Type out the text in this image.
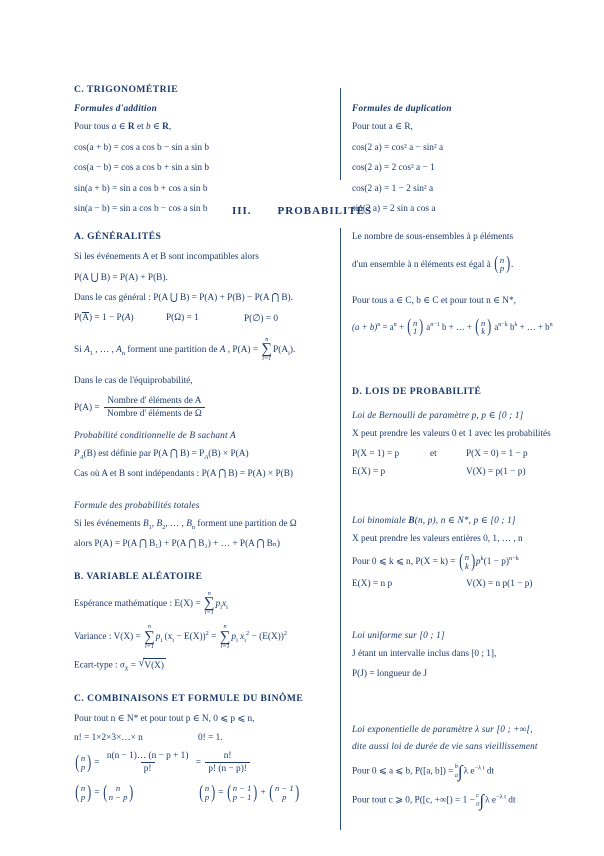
C. TRIGONOMÉTRIE
Formules d'addition
Pour tous a ∈ R et b ∈ R,
cos(a + b) = cos a cos b − sin a sin b
cos(a − b) = cos a cos b + sin a sin b
sin(a + b) = sin a cos b + cos a sin b
sin(a − b) = sin a cos b − cos a sin b
Formules de duplication
Pour tout a ∈ R,
cos(2 a) = cos² a − sin² a
cos(2 a) = 2 cos² a − 1
cos(2 a) = 1 − 2 sin² a
sin(2 a) = 2 sin a cos a
III. PROBABILITÉS
A. GÉNÉRALITÉS
Si les événements A et B sont incompatibles alors
P(A ⋃ B) = P(A) + P(B).
Dans le cas général : P(A ⋃ B) = P(A) + P(B) − P(A ⋂ B).
P(Ā) = 1 − P(A)	P(Ω) = 1	P(∅) = 0
Si $A_1$ , … , $A_n$ forment une partition de A , P(A) =
n
∑
i=1
$P(A_i)$.
Dans le cas de l'équiprobabilité,
$P(A) = \frac{\text{Nombre d' éléments de A}}{\text{Nombre d' éléments de Ω}}$
Probabilité conditionnelle de B sachant A
$P_A(B)$ est définie par P(A ⋂ $B) = P_A(B) \times P(A)$
Cas où A et B sont indépendants : P(A ⋂ B) = P(A) × P(B)
Formule des probabilités totales
Si les événements $B_1$, $B_2$, … , $B_n$ forment une partition de Ω
alors P(A) = P(A ⋂ B₁) + P(A ⋂ B₂) + … + P(A ⋂ Bₙ)
B. VARIABLE ALÉATOIRE
Espérance mathématique : E(X) =
n
∑
i=1
$p_ix_i$
Variance : V(X) =
n
∑
i=1
$p_i$ $(x_i - E(X))^2$ =
n
∑
i=1
$p_i$ $x_i^2 - (E(X))^2$
Ecart-type : $\sigma_X$ = √ V(X)
C. COMBINAISONS ET FORMULE DU BINÔME
Pour tout n ∈ N* et pour tout p ∈ N, 0 ⩽ p ⩽ n,
n! = 1×2×3×…× n	0! = 1.
( n
p ) = $\frac{n(n - 1)\dots (n - p + 1)}{p!} = \frac{n!}{p! (n - p)!}$
( n
p ) = ( n
n − p )	( n
p ) = ( n − 1
p − 1 ) + ( n − 1
p )
Le nombre de sous-ensembles à p éléments
d'un ensemble à n éléments est égal à ( n
p ) .
Pour tous a ∈ C, b ∈ C et pour tout n ∈ N*,
$(a + b)^n = a^n$ + ( n
1 ) $a^{n-1}$ b + … + ( n
k ) $a^{n-k}$ $b^k$ + … + $b^n$
D. LOIS DE PROBABILITÉ
Loi de Bernoulli de paramètre p, p ∈ [0 ; 1]
X peut prendre les valeurs 0 et 1 avec les probabilités
P(X = 1) = p	et	P(X = 0) = 1 − p
E(X) = p	V(X) = p(1 − p)
Loi binomiale B(n, p), n ∈ N*, p ∈ [0 ; 1]
X peut prendre les valeurs entières 0, 1, … , n
Pour 0 ⩽ k ⩽ n, P(X = k) = ( n
k ) $p^k(1 - p)^{n-k}$
E(X) = n p	V(X) = n p(1 − p)
Loi uniforme sur [0 ; 1]
J étant un intervalle inclus dans [0 ; 1],
P(J) = longueur de J
Loi exponentielle de paramètre λ sur [0 ; +∞[,
dite aussi loi de durée de vie sans vieillissement
Pour 0 ⩽ a ⩽ b, P([a, b]) =
b
a ∫ λ $e^{-\lambda t}$ dt
Pour tout c ⩾ 0, P([c, +∞[) = 1 −
c
0 ∫ λ $e^{-\lambda t}$ dt
